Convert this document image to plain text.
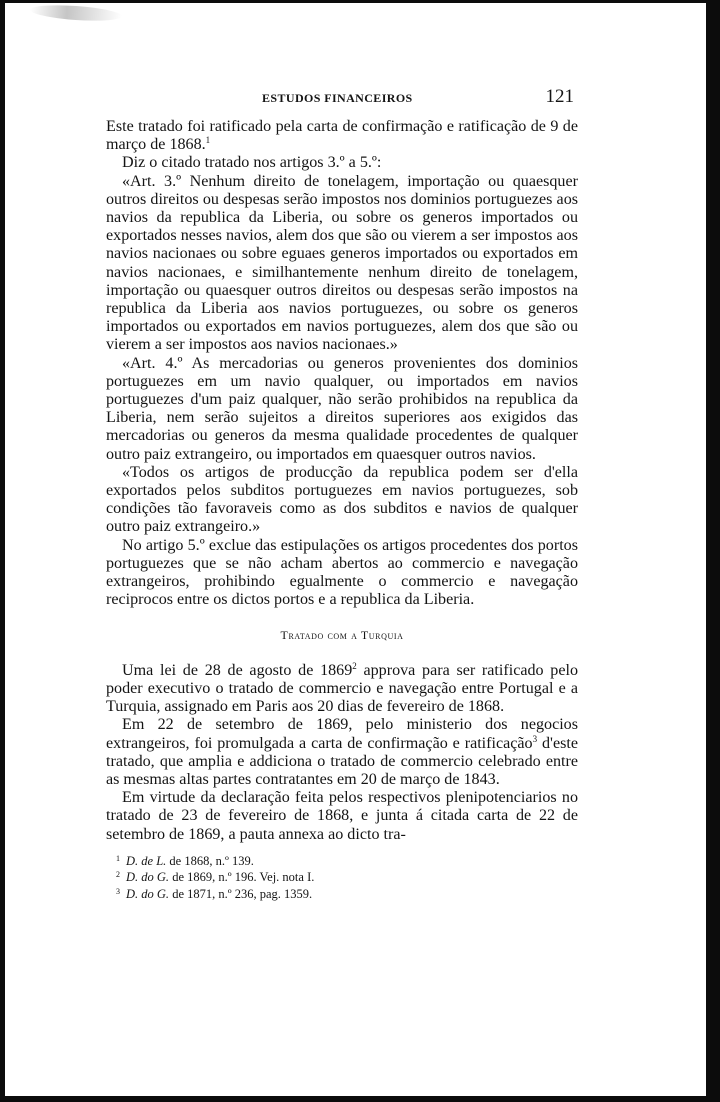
ESTUDOS FINANCEIROS	121

Este tratado foi ratificado pela carta de confirmação e ratificação de 9 de março de 1868.$^1$

Diz o citado tratado nos artigos 3.º a 5.º:

«Art. 3.º Nenhum direito de tonelagem, importação ou quaesquer outros direitos ou despesas serão impostos nos dominios portuguezes aos navios da republica da Liberia, ou sobre os generos importados ou exportados nesses navios, alem dos que são ou vierem a ser impostos aos navios nacionaes ou sobre eguaes generos importados ou exportados em navios nacionaes, e similhantemente nenhum direito de tonelagem, importação ou quaesquer outros direitos ou despesas serão impostos na republica da Liberia aos navios portuguezes, ou sobre os generos importados ou exportados em navios portuguezes, alem dos que são ou vierem a ser impostos aos navios nacionaes.»

«Art. 4.º As mercadorias ou generos provenientes dos dominios portuguezes em um navio qualquer, ou importados em navios portuguezes d'um paiz qualquer, não serão prohibidos na republica da Liberia, nem serão sujeitos a direitos superiores aos exigidos das mercadorias ou generos da mesma qualidade procedentes de qualquer outro paiz extrangeiro, ou importados em quaesquer outros navios.

«Todos os artigos de producção da republica podem ser d'ella exportados pelos subditos portuguezes em navios portuguezes, sob condições tão favoraveis como as dos subditos e navios de qualquer outro paiz extrangeiro.»

No artigo 5.º exclue das estipulações os artigos procedentes dos portos portuguezes que se não acham abertos ao commercio e navegação extrangeiros, prohibindo egualmente o commercio e navegação reciprocos entre os dictos portos e a republica da Liberia.

Tratado com a Turquia

Uma lei de 28 de agosto de 1869$^2$ approva para ser ratificado pelo poder executivo o tratado de commercio e navegação entre Portugal e a Turquia, assignado em Paris aos 20 dias de fevereiro de 1868.

Em 22 de setembro de 1869, pelo ministerio dos negocios extrangeiros, foi promulgada a carta de confirmação e ratificação$^3$ d'este tratado, que amplia e addiciona o tratado de commercio celebrado entre as mesmas altas partes contratantes em 20 de março de 1843.

Em virtude da declaração feita pelos respectivos plenipotenciarios no tratado de 23 de fevereiro de 1868, e junta á citada carta de 22 de setembro de 1869, a pauta annexa ao dicto tra-

$^1$ D. de L. de 1868, n.º 139.
$^2$ D. do G. de 1869, n.º 196. Vej. nota I.
$^3$ D. do G. de 1871, n.º 236, pag. 1359.
